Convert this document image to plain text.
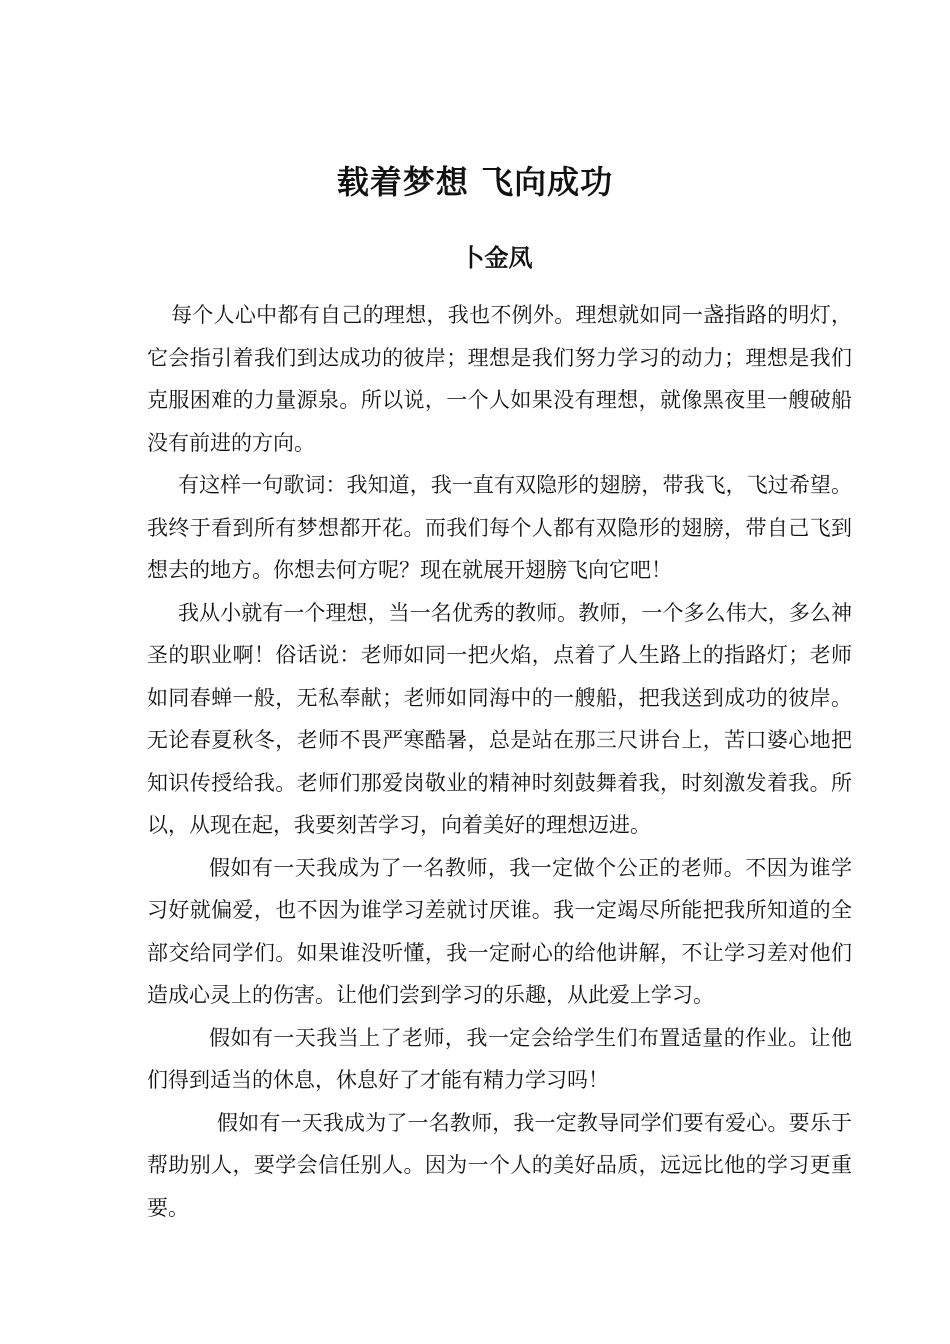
载着梦想 飞向成功
卜金凤

每个人心中都有自己的理想，我也不例外。理想就如同一盏指路的明灯，它会指引着我们到达成功的彼岸；理想是我们努力学习的动力；理想是我们克服困难的力量源泉。所以说，一个人如果没有理想，就像黑夜里一艘破船没有前进的方向。

有这样一句歌词：我知道，我一直有双隐形的翅膀，带我飞，飞过希望。我终于看到所有梦想都开花。而我们每个人都有双隐形的翅膀，带自己飞到想去的地方。你想去何方呢？现在就展开翅膀飞向它吧！

我从小就有一个理想，当一名优秀的教师。教师，一个多么伟大，多么神圣的职业啊！俗话说：老师如同一把火焰，点着了人生路上的指路灯；老师如同春蝉一般，无私奉献；老师如同海中的一艘船，把我送到成功的彼岸。无论春夏秋冬，老师不畏严寒酷暑，总是站在那三尺讲台上，苦口婆心地把知识传授给我。老师们那爱岗敬业的精神时刻鼓舞着我，时刻激发着我。所以，从现在起，我要刻苦学习，向着美好的理想迈进。

假如有一天我成为了一名教师，我一定做个公正的老师。不因为谁学习好就偏爱，也不因为谁学习差就讨厌谁。我一定竭尽所能把我所知道的全部交给同学们。如果谁没听懂，我一定耐心的给他讲解，不让学习差对他们造成心灵上的伤害。让他们尝到学习的乐趣，从此爱上学习。

假如有一天我当上了老师，我一定会给学生们布置适量的作业。让他们得到适当的休息，休息好了才能有精力学习吗！

假如有一天我成为了一名教师，我一定教导同学们要有爱心。要乐于帮助别人，要学会信任别人。因为一个人的美好品质，远远比他的学习更重要。
